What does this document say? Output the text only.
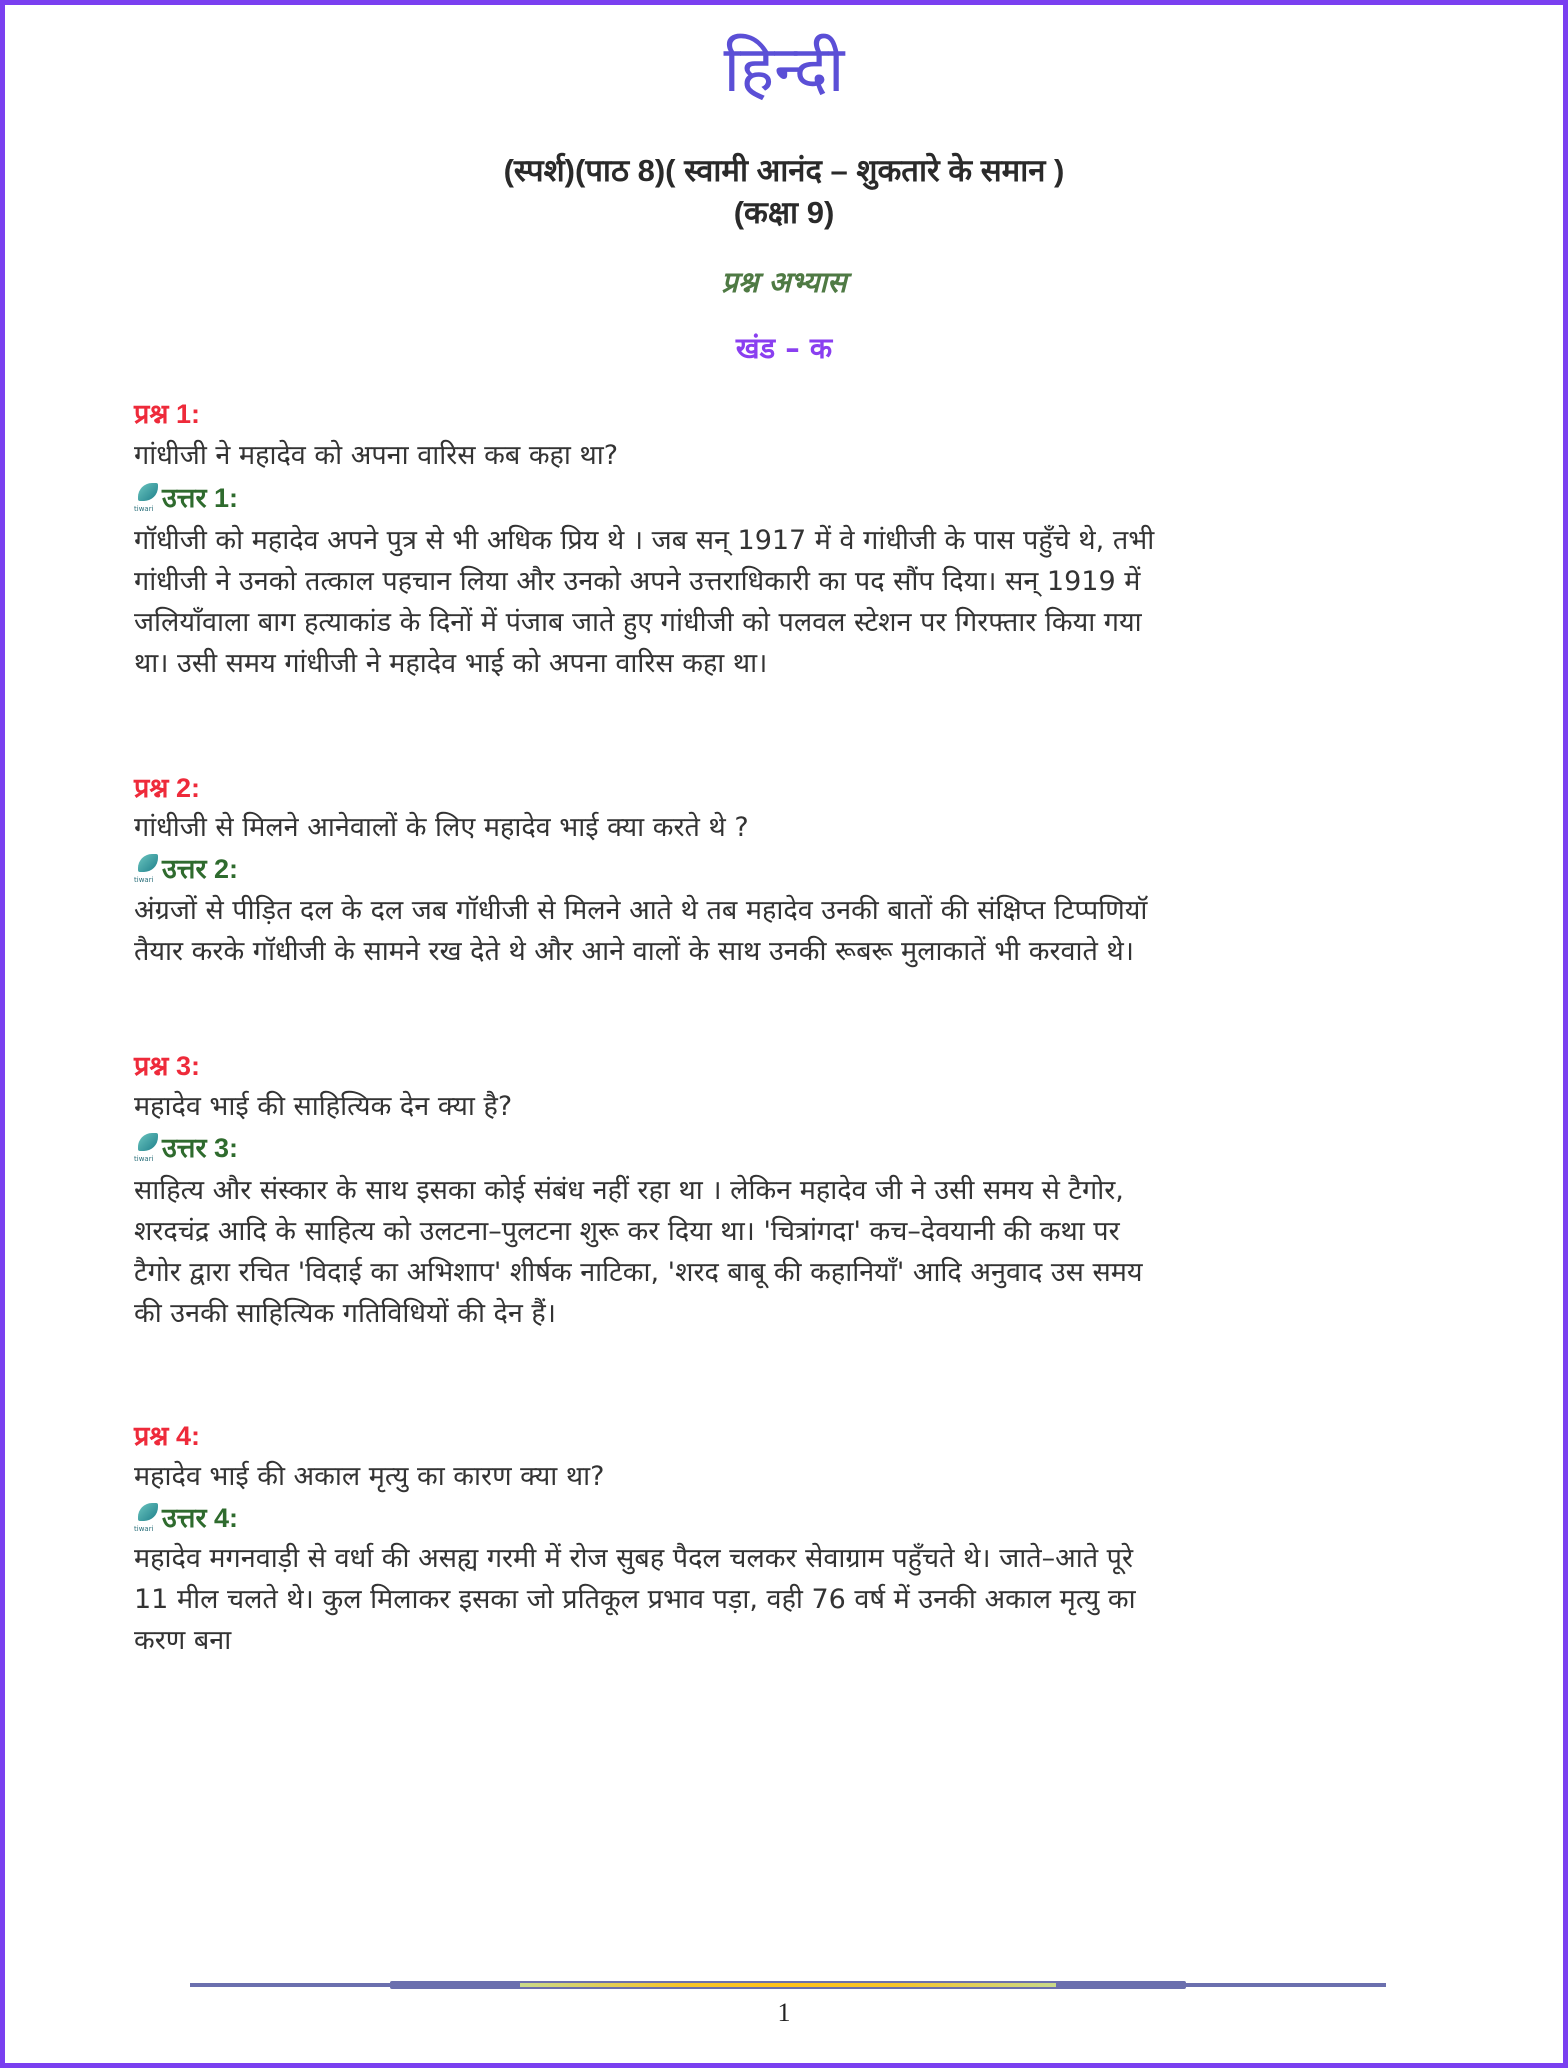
हिन्दी
(स्पर्श)(पाठ 8)( स्वामी आनंद – शुकतारे के समान )
(कक्षा 9)
प्रश्न अभ्यास
खंड – क
प्रश्न 1:
गांधीजी ने महादेव को अपना वारिस कब कहा था?
tiwari उत्तर 1:
गॉधीजी को महादेव अपने पुत्र से भी अधिक प्रिय थे । जब सन् 1917 में वे गांधीजी के पास पहुँचे थे, तभी
गांधीजी ने उनको तत्काल पहचान लिया और उनको अपने उत्तराधिकारी का पद सौंप दिया। सन् 1919 में
जलियाँवाला बाग हत्याकांड के दिनों में पंजाब जाते हुए गांधीजी को पलवल स्टेशन पर गिरफ्तार किया गया
था। उसी समय गांधीजी ने महादेव भाई को अपना वारिस कहा था।
प्रश्न 2:
गांधीजी से मिलने आनेवालों के लिए महादेव भाई क्या करते थे ?
tiwari उत्तर 2:
अंग्रजों से पीड़ित दल के दल जब गॉधीजी से मिलने आते थे तब महादेव उनकी बातों की संक्षिप्त टिप्पणियॉ
तैयार करके गॉधीजी के सामने रख देते थे और आने वालों के साथ उनकी रूबरू मुलाकातें भी करवाते थे।
प्रश्न 3:
महादेव भाई की साहित्यिक देन क्या है?
tiwari उत्तर 3:
साहित्य और संस्कार के साथ इसका कोई संबंध नहीं रहा था । लेकिन महादेव जी ने उसी समय से टैगोर,
शरदचंद्र आदि के साहित्य को उलटना–पुलटना शुरू कर दिया था। 'चित्रांगदा' कच–देवयानी की कथा पर
टैगोर द्वारा रचित 'विदाई का अभिशाप' शीर्षक नाटिका, 'शरद बाबू की कहानियाँ' आदि अनुवाद उस समय
की उनकी साहित्यिक गतिविधियों की देन हैं।
प्रश्न 4:
महादेव भाई की अकाल मृत्यु का कारण क्या था?
tiwari उत्तर 4:
महादेव मगनवाड़ी से वर्धा की असह्य गरमी में रोज सुबह पैदल चलकर सेवाग्राम पहुँचते थे। जाते–आते पूरे
11 मील चलते थे। कुल मिलाकर इसका जो प्रतिकूल प्रभाव पड़ा, वही 76 वर्ष में उनकी अकाल मृत्यु का
करण बना
1
